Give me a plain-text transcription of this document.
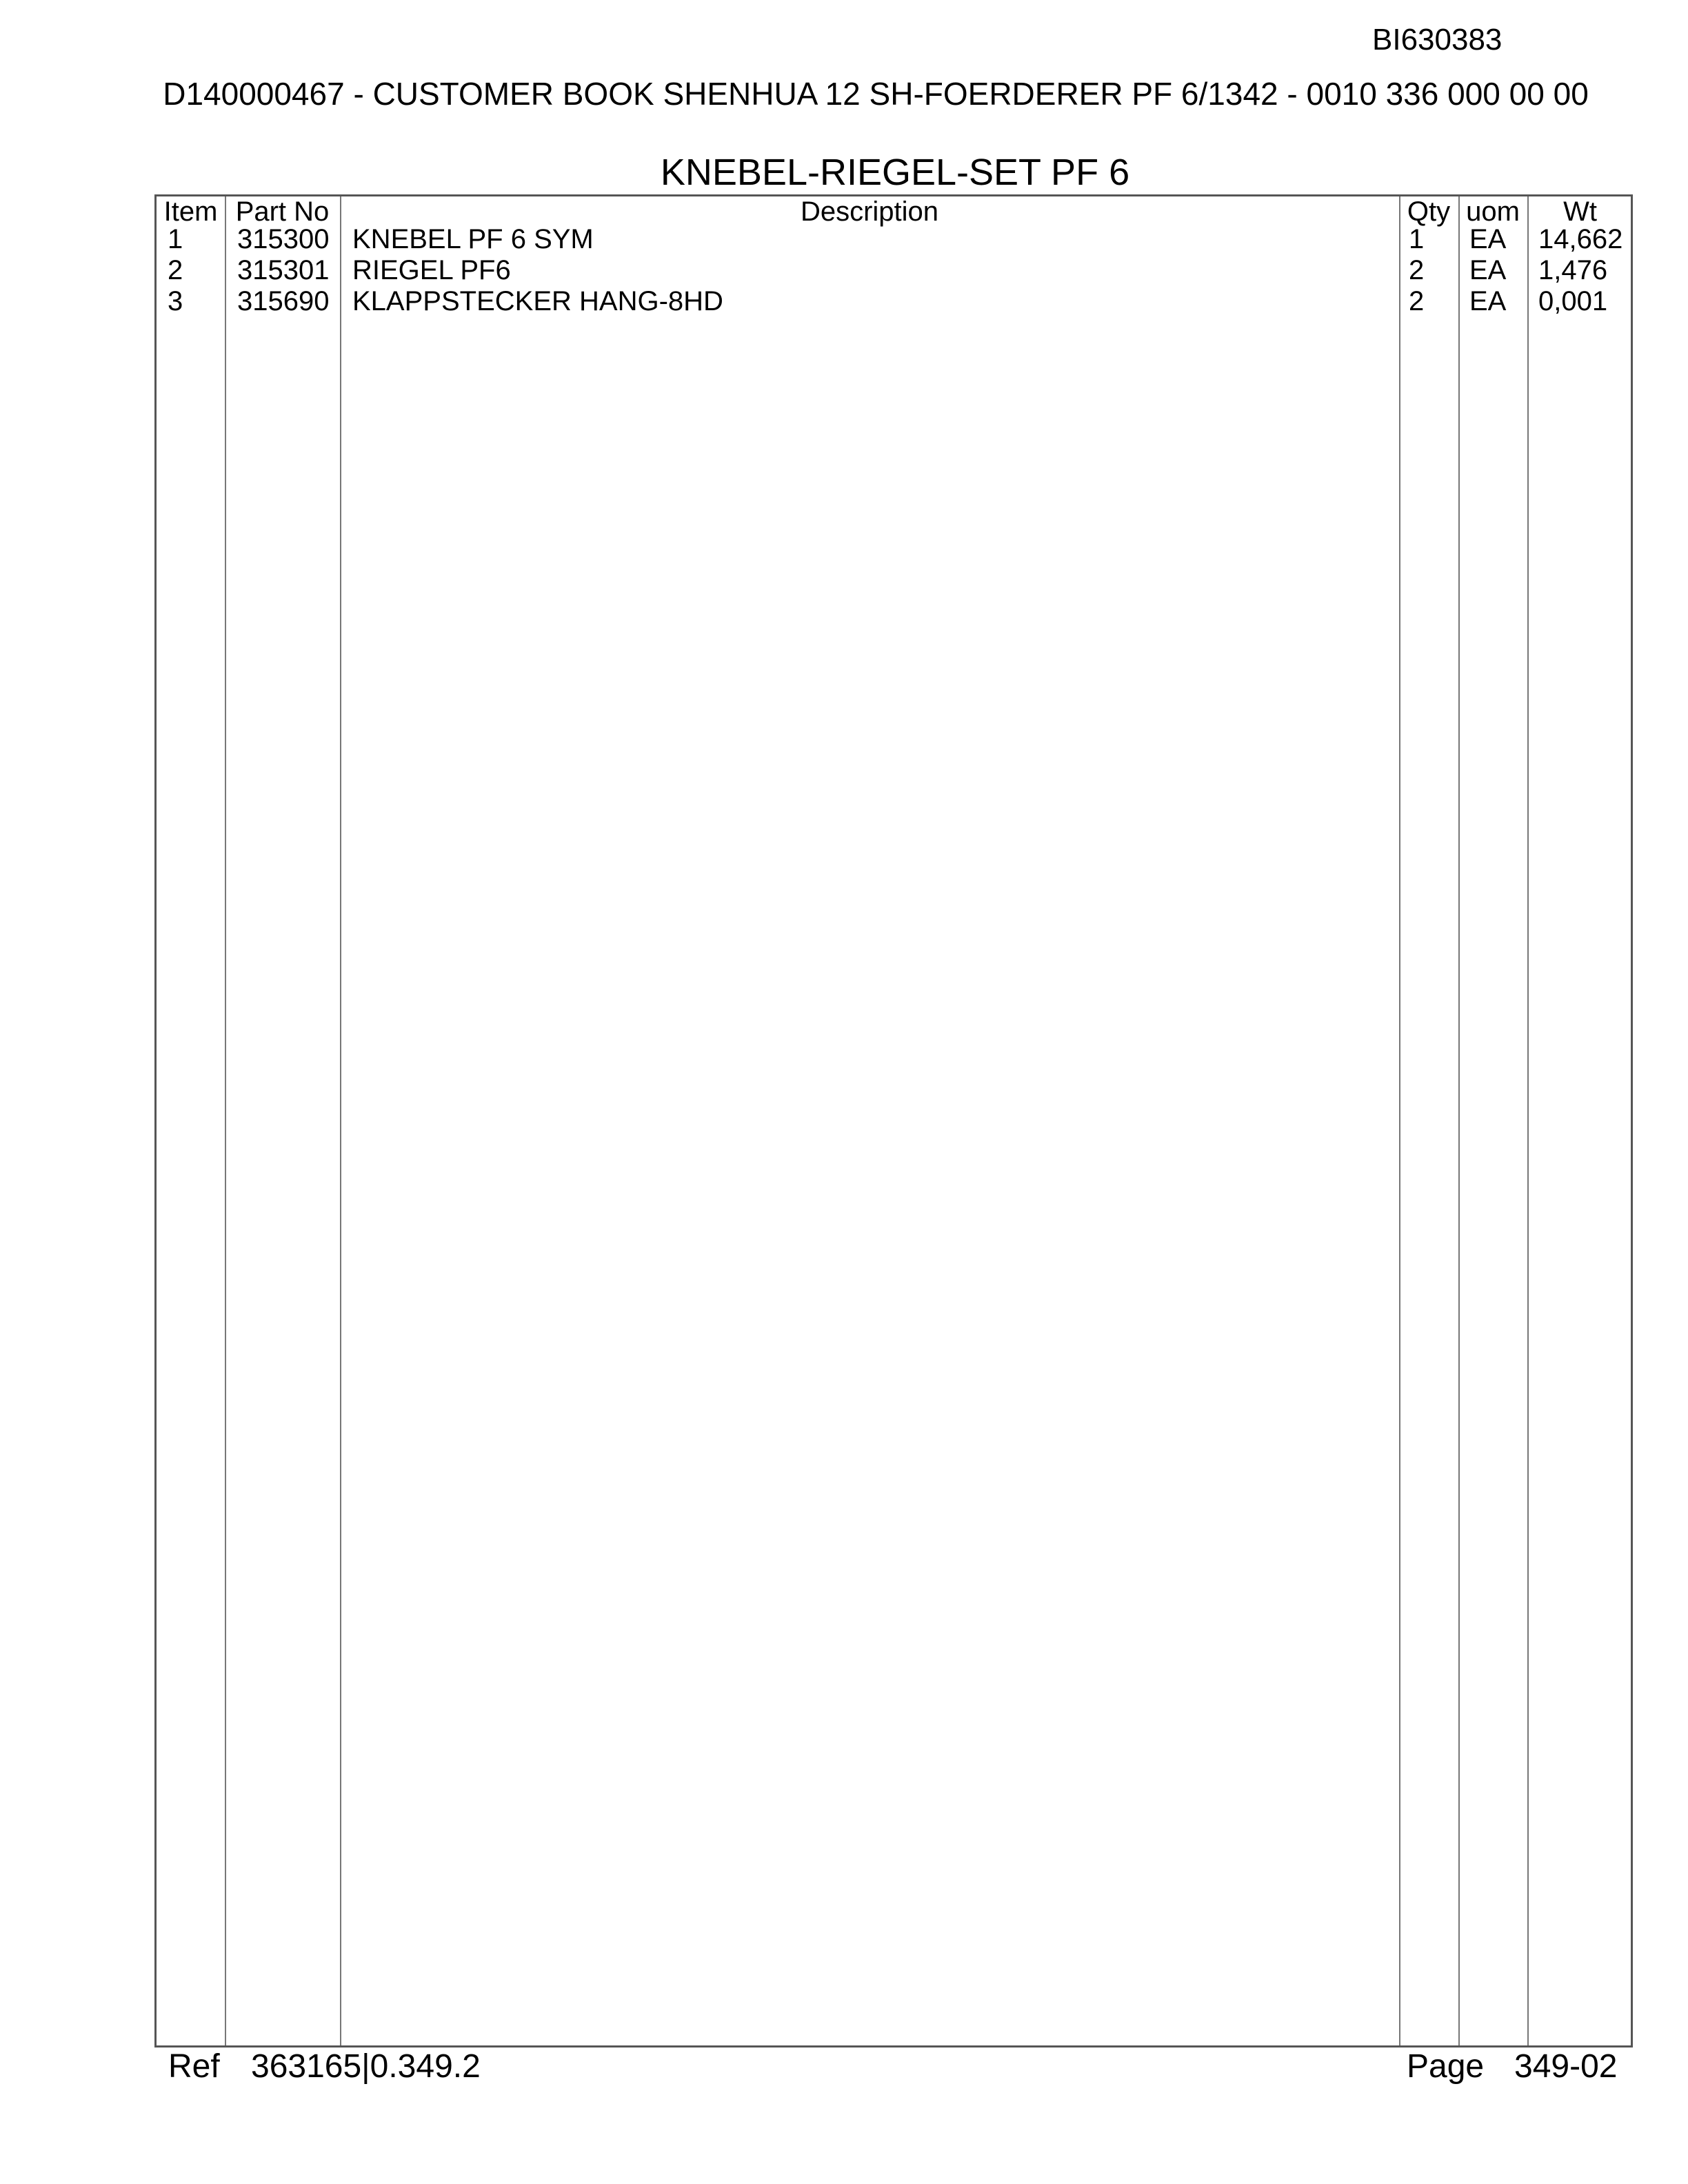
BI630383
D140000467 - CUSTOMER BOOK SHENHUA 12 SH-FOERDERER PF 6/1342 - 0010 336 000 00 00
KNEBEL-RIEGEL-SET PF 6
Item Part No	Description	Qty uom	Wt
1 315300 KNEBEL PF 6 SYM	1 EA 14,662
2 315301 RIEGEL PF6	2 EA 1,476
3 315690 KLAPPSTECKER HANG-8HD	2 EA 0,001
Ref 363165|0.349.2	Page 349-02
